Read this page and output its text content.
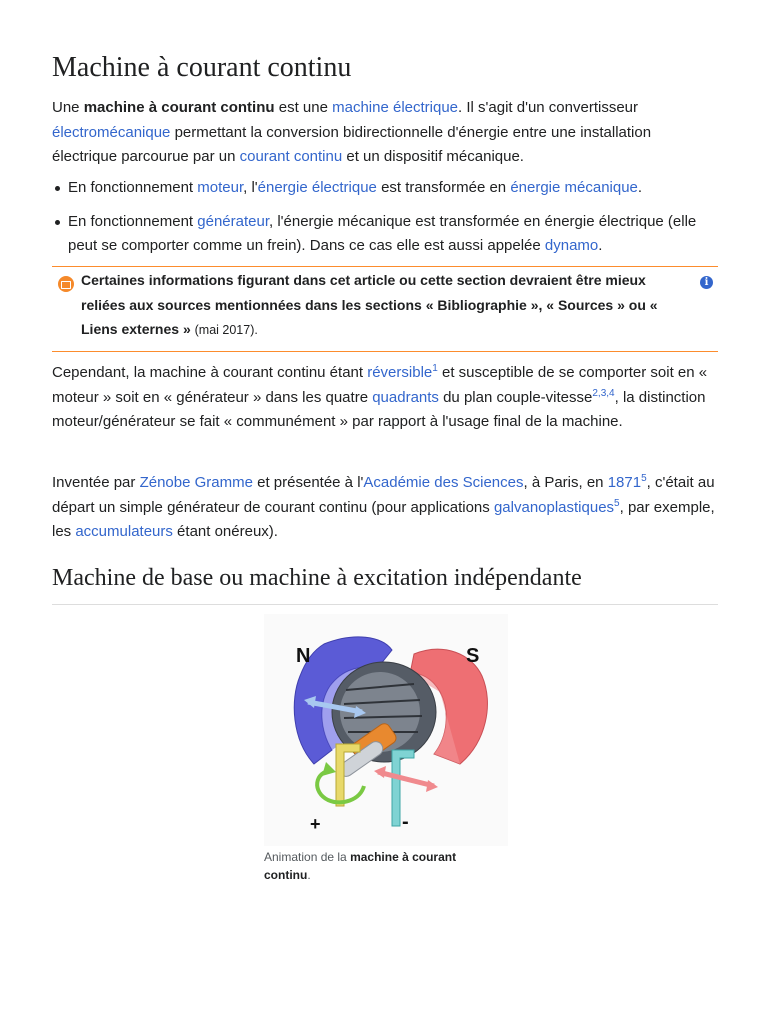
Machine à courant continu

Une machine à courant continu est une machine électrique. Il s'agit d'un convertisseur électromécanique permettant la conversion bidirectionnelle d'énergie entre une installation électrique parcourue par un courant continu et un dispositif mécanique.

En fonctionnement moteur, l'énergie électrique est transformée en énergie mécanique.
En fonctionnement générateur, l'énergie mécanique est transformée en énergie électrique (elle peut se comporter comme un frein). Dans ce cas elle est aussi appelée dynamo.

Certaines informations figurant dans cet article ou cette section devraient être mieux reliées aux sources mentionnées dans les sections « Bibliographie », « Sources » ou « Liens externes » (mai 2017).

i

Cependant, la machine à courant continu étant réversible$^1$ et susceptible de se comporter soit en « moteur » soit en « générateur » dans les quatre quadrants du plan couple-vitesse$^{2,3,4}$, la distinction moteur/générateur se fait « communément » par rapport à l'usage final de la machine.

Inventée par Zénobe Gramme et présentée à l'Académie des Sciences, à Paris, en 1871$^5$, c'était au départ un simple générateur de courant continu (pour applications galvanoplastiques$^5$, par exemple, les accumulateurs étant onéreux).

Machine de base ou machine à excitation indépendante
N	S
+	-

Animation de la machine à courant continu.
